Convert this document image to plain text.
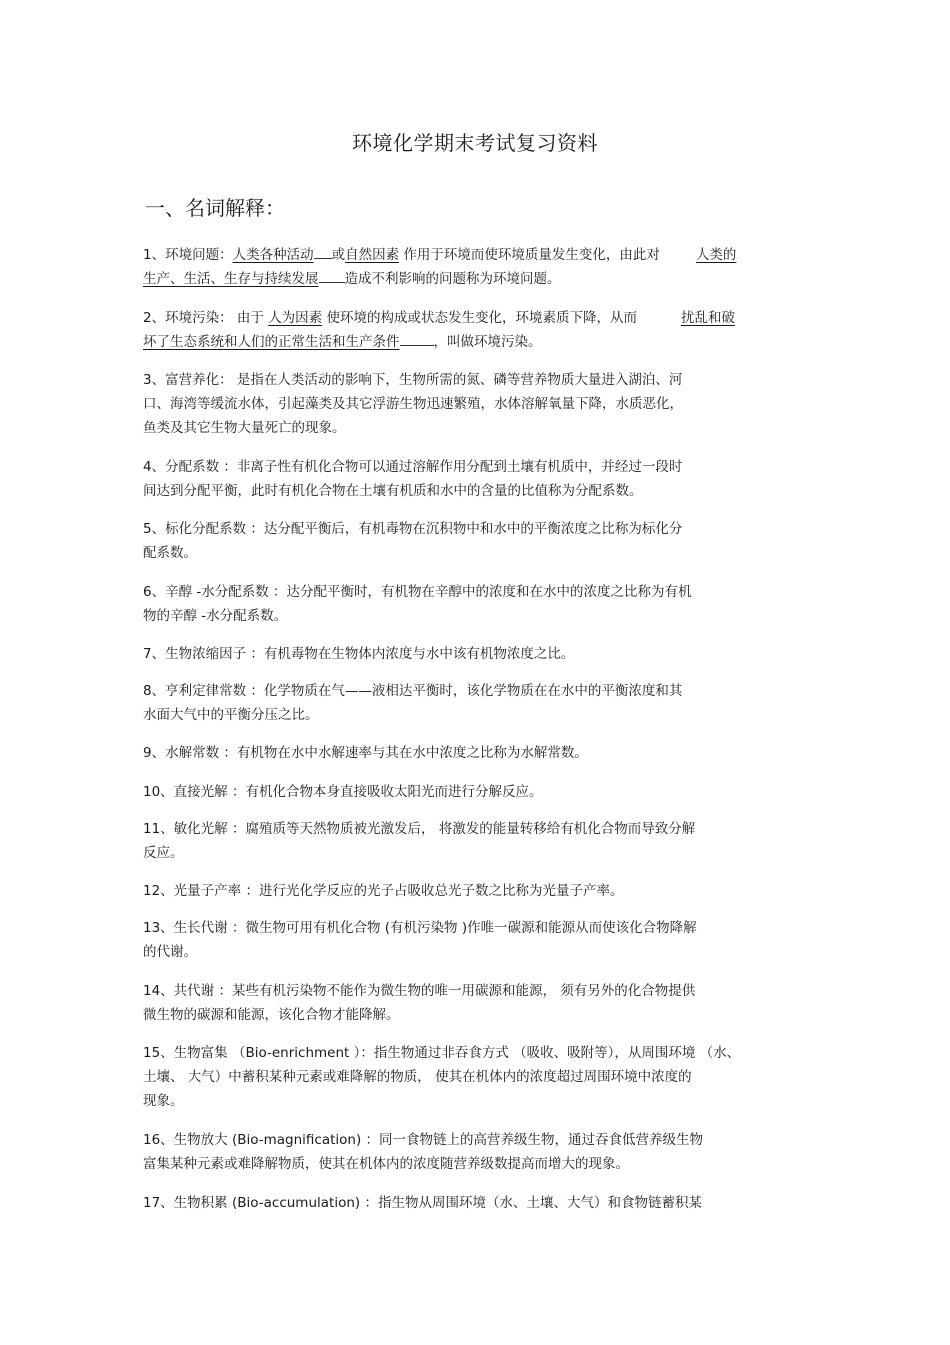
环境化学期末考试复习资料
一、名词解释：
1、环境问题：人类各种活动 或自然因素 作用于环境而使环境质量发生变化，由此对	人类的
生产、生活、生存与持续发展 造成不利影响的问题称为环境问题。
2、环境污染： 由于 人为因素 使环境的构成或状态发生变化，环境素质下降，从而	扰乱和破
坏了生态系统和人们的正常生活和生产条件	，叫做环境污染。
3、富营养化： 是指在人类活动的影响下，生物所需的氮、磷等营养物质大量进入湖泊、河
口、海湾等缓流水体，引起藻类及其它浮游生物迅速繁殖，水体溶解氧量下降，水质恶化，
鱼类及其它生物大量死亡的现象。
4、分配系数 ：非离子性有机化合物可以通过溶解作用分配到土壤有机质中，并经过一段时
间达到分配平衡，此时有机化合物在土壤有机质和水中的含量的比值称为分配系数。
5、标化分配系数 ：达分配平衡后，有机毒物在沉积物中和水中的平衡浓度之比称为标化分
配系数。
6、辛醇 -水分配系数 ：达分配平衡时，有机物在辛醇中的浓度和在水中的浓度之比称为有机
物的辛醇 -水分配系数。
7、生物浓缩因子 ：有机毒物在生物体内浓度与水中该有机物浓度之比。
8、亨利定律常数 ：化学物质在气——液相达平衡时，该化学物质在在水中的平衡浓度和其
水面大气中的平衡分压之比。
9、水解常数 ：有机物在水中水解速率与其在水中浓度之比称为水解常数。
10、直接光解 ：有机化合物本身直接吸收太阳光而进行分解反应。
11、敏化光解 ：腐殖质等天然物质被光激发后， 将激发的能量转移给有机化合物而导致分解
反应。
12、光量子产率 ：进行光化学反应的光子占吸收总光子数之比称为光量子产率。
13、生长代谢 ：微生物可用有机化合物 (有机污染物 )作唯一碳源和能源从而使该化合物降解
的代谢。
14、共代谢 ：某些有机污染物不能作为微生物的唯一用碳源和能源， 须有另外的化合物提供
微生物的碳源和能源，该化合物才能降解。
15、生物富集 （Bio-enrichment ）：指生物通过非吞食方式 （吸收、吸附等），从周围环境 （水、
土壤、 大气）中蓄积某种元素或难降解的物质， 使其在机体内的浓度超过周围环境中浓度的
现象。
16、生物放大 (Bio-magnification) ：同一食物链上的高营养级生物，通过吞食低营养级生物
富集某种元素或难降解物质，使其在机体内的浓度随营养级数提高而增大的现象。
17、生物积累 (Bio-accumulation) ：指生物从周围环境（水、土壤、大气）和食物链蓄积某
